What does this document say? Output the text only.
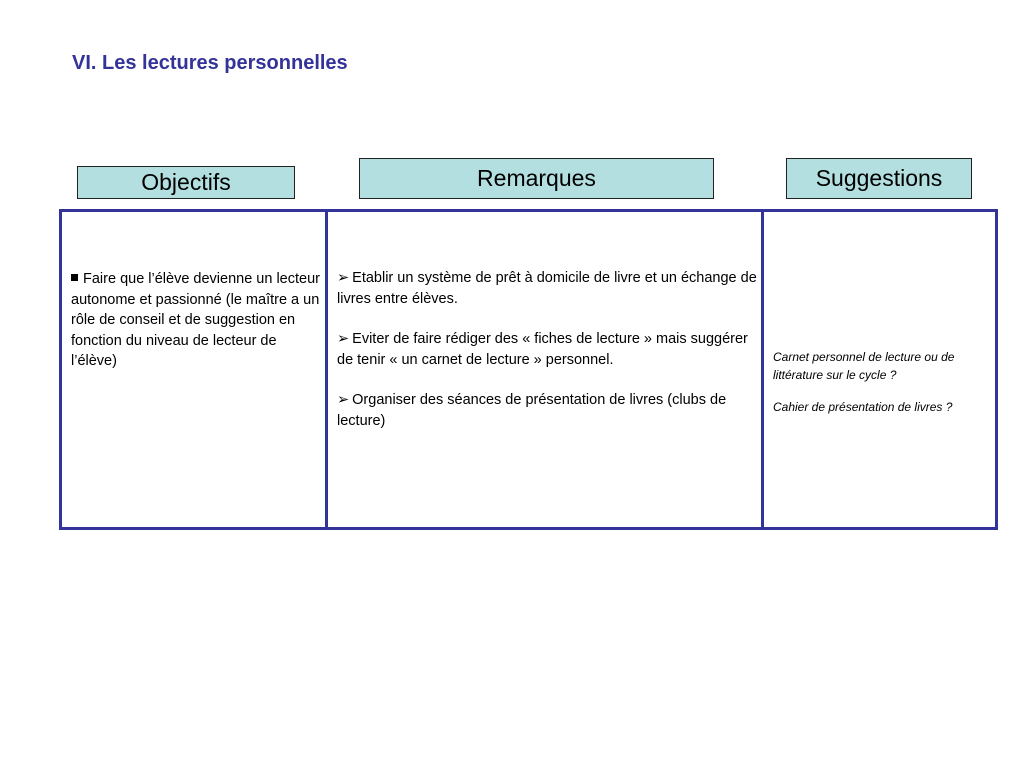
VI. Les lectures personnelles
Objectifs	Remarques	Suggestions
Faire que l’élève devienne un lecteur autonome et passionné (le maître a un rôle de conseil et de suggestion en fonction du niveau de lecteur de l’élève)
➢ Etablir un système de prêt à domicile de livre et un échange de livres entre élèves.
➢ Eviter de faire rédiger des « fiches de lecture » mais suggérer de tenir « un carnet de lecture » personnel.
➢ Organiser des séances de présentation de livres (clubs de lecture)
Carnet personnel de lecture ou de littérature sur le cycle ?
Cahier de présentation de livres ?
